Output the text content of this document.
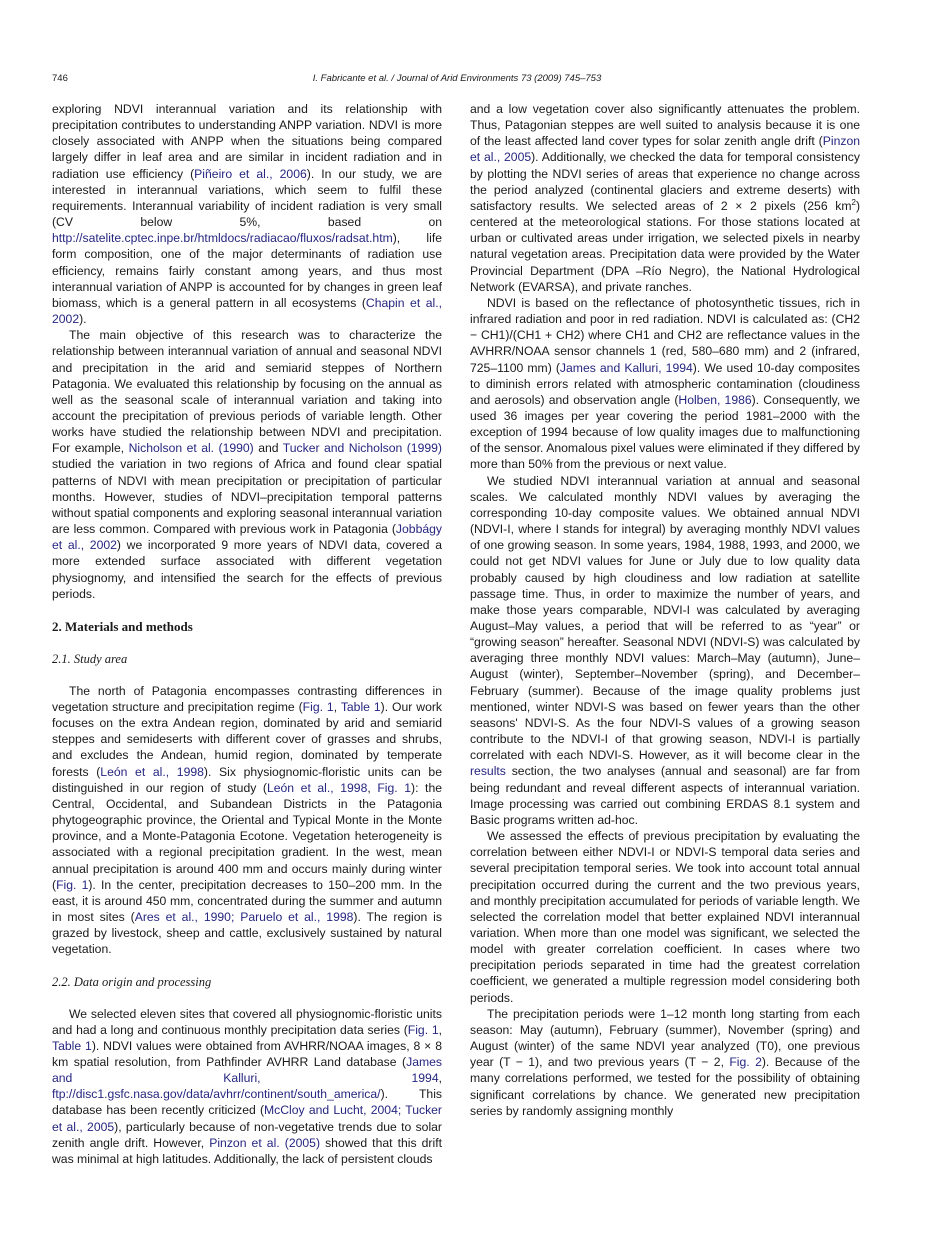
746	I. Fabricante et al. / Journal of Arid Environments 73 (2009) 745–753

exploring NDVI interannual variation and its relationship with precipitation contributes to understanding ANPP variation. NDVI is more closely associated with ANPP when the situations being compared largely differ in leaf area and are similar in incident radiation and in radiation use efficiency (Piñeiro et al., 2006). In our study, we are interested in interannual variations, which seem to fulfil these requirements. Interannual variability of incident radiation is very small (CV below 5%, based on http://satelite.cptec.inpe.br/htmldocs/radiacao/fluxos/radsat.htm), life form composition, one of the major determinants of radiation use efficiency, remains fairly constant among years, and thus most interannual variation of ANPP is accounted for by changes in green leaf biomass, which is a general pattern in all ecosystems (Chapin et al., 2002).

The main objective of this research was to characterize the relationship between interannual variation of annual and seasonal NDVI and precipitation in the arid and semiarid steppes of Northern Patagonia. We evaluated this relationship by focusing on the annual as well as the seasonal scale of interannual variation and taking into account the precipitation of previous periods of variable length. Other works have studied the relationship between NDVI and precipitation. For example, Nicholson et al. (1990) and Tucker and Nicholson (1999) studied the variation in two regions of Africa and found clear spatial patterns of NDVI with mean precipitation or precipitation of particular months. However, studies of NDVI–precipitation temporal patterns without spatial components and exploring seasonal interannual variation are less common. Compared with previous work in Patagonia (Jobbágy et al., 2002) we incorporated 9 more years of NDVI data, covered a more extended surface associated with different vegetation physiognomy, and intensified the search for the effects of previous periods.

2. Materials and methods
2.1. Study area

The north of Patagonia encompasses contrasting differences in vegetation structure and precipitation regime (Fig. 1, Table 1). Our work focuses on the extra Andean region, dominated by arid and semiarid steppes and semideserts with different cover of grasses and shrubs, and excludes the Andean, humid region, dominated by temperate forests (León et al., 1998). Six physiognomic-floristic units can be distinguished in our region of study (León et al., 1998, Fig. 1): the Central, Occidental, and Subandean Districts in the Patagonia phytogeographic province, the Oriental and Typical Monte in the Monte province, and a Monte-Patagonia Ecotone. Vegetation heterogeneity is associated with a regional precipitation gradient. In the west, mean annual precipitation is around 400 mm and occurs mainly during winter (Fig. 1). In the center, precipitation decreases to 150–200 mm. In the east, it is around 450 mm, concentrated during the summer and autumn in most sites (Ares et al., 1990; Paruelo et al., 1998). The region is grazed by livestock, sheep and cattle, exclusively sustained by natural vegetation.

2.2. Data origin and processing

We selected eleven sites that covered all physiognomic-floristic units and had a long and continuous monthly precipitation data series (Fig. 1, Table 1). NDVI values were obtained from AVHRR/NOAA images, 8 × 8 km spatial resolution, from Pathfinder AVHRR Land database (James and Kalluri, 1994, ftp://disc1.gsfc.nasa.gov/data/avhrr/continent/south_america/). This database has been recently criticized (McCloy and Lucht, 2004; Tucker et al., 2005), particularly because of non-vegetative trends due to solar zenith angle drift. However, Pinzon et al. (2005) showed that this drift was minimal at high latitudes. Additionally, the lack of persistent clouds

and a low vegetation cover also significantly attenuates the problem. Thus, Patagonian steppes are well suited to analysis because it is one of the least affected land cover types for solar zenith angle drift (Pinzon et al., 2005). Additionally, we checked the data for temporal consistency by plotting the NDVI series of areas that experience no change across the period analyzed (continental glaciers and extreme deserts) with satisfactory results. We selected areas of 2 × 2 pixels (256 $km^2$) centered at the meteorological stations. For those stations located at urban or cultivated areas under irrigation, we selected pixels in nearby natural vegetation areas. Precipitation data were provided by the Water Provincial Department (DPA –Río Negro), the National Hydrological Network (EVARSA), and private ranches.

NDVI is based on the reflectance of photosynthetic tissues, rich in infrared radiation and poor in red radiation. NDVI is calculated as: (CH2 − CH1)/(CH1 + CH2) where CH1 and CH2 are reflectance values in the AVHRR/NOAA sensor channels 1 (red, 580–680 mm) and 2 (infrared, 725–1100 mm) (James and Kalluri, 1994). We used 10-day composites to diminish errors related with atmospheric contamination (cloudiness and aerosols) and observation angle (Holben, 1986). Consequently, we used 36 images per year covering the period 1981–2000 with the exception of 1994 because of low quality images due to malfunctioning of the sensor. Anomalous pixel values were eliminated if they differed by more than 50% from the previous or next value.

We studied NDVI interannual variation at annual and seasonal scales. We calculated monthly NDVI values by averaging the corresponding 10-day composite values. We obtained annual NDVI (NDVI-I, where I stands for integral) by averaging monthly NDVI values of one growing season. In some years, 1984, 1988, 1993, and 2000, we could not get NDVI values for June or July due to low quality data probably caused by high cloudiness and low radiation at satellite passage time. Thus, in order to maximize the number of years, and make those years comparable, NDVI-I was calculated by averaging August–May values, a period that will be referred to as “year” or “growing season” hereafter. Seasonal NDVI (NDVI-S) was calculated by averaging three monthly NDVI values: March–May (autumn), June–August (winter), September–November (spring), and December–February (summer). Because of the image quality problems just mentioned, winter NDVI-S was based on fewer years than the other seasons' NDVI-S. As the four NDVI-S values of a growing season contribute to the NDVI-I of that growing season, NDVI-I is partially correlated with each NDVI-S. However, as it will become clear in the results section, the two analyses (annual and seasonal) are far from being redundant and reveal different aspects of interannual variation. Image processing was carried out combining ERDAS 8.1 system and Basic programs written ad-hoc.

We assessed the effects of previous precipitation by evaluating the correlation between either NDVI-I or NDVI-S temporal data series and several precipitation temporal series. We took into account total annual precipitation occurred during the current and the two previous years, and monthly precipitation accumulated for periods of variable length. We selected the correlation model that better explained NDVI interannual variation. When more than one model was significant, we selected the model with greater correlation coefficient. In cases where two precipitation periods separated in time had the greatest correlation coefficient, we generated a multiple regression model considering both periods.

The precipitation periods were 1–12 month long starting from each season: May (autumn), February (summer), November (spring) and August (winter) of the same NDVI year analyzed (T0), one previous year (T − 1), and two previous years (T − 2, Fig. 2). Because of the many correlations performed, we tested for the possibility of obtaining significant correlations by chance. We generated new precipitation series by randomly assigning monthly
